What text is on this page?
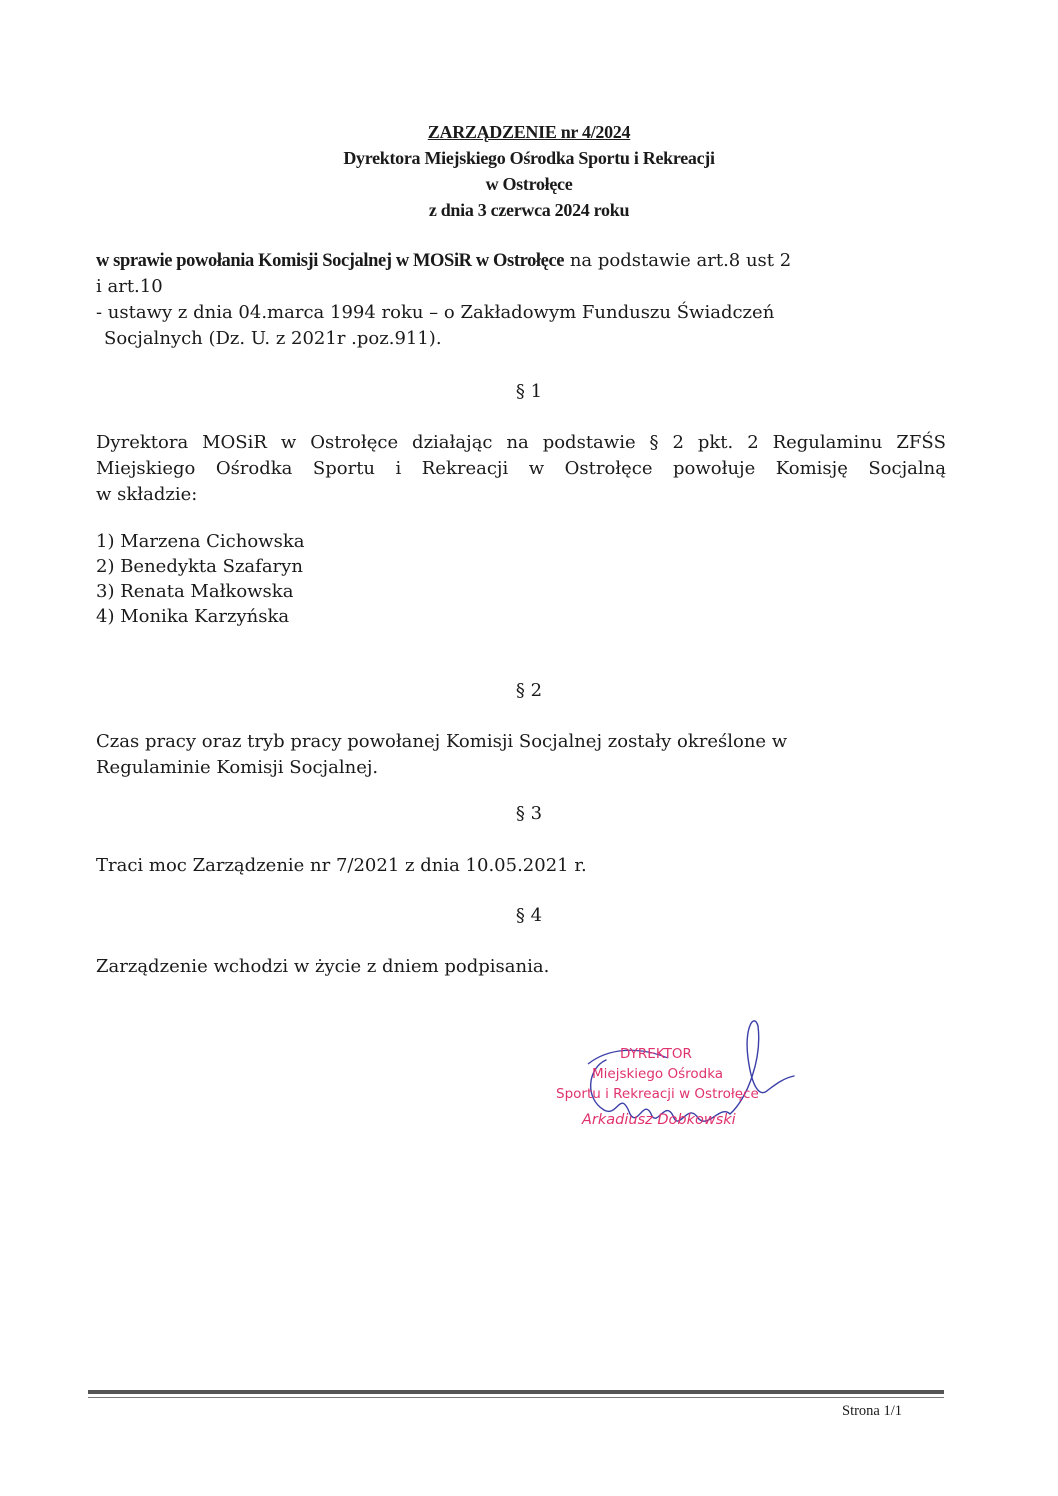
ZARZĄDZENIE nr 4/2024
Dyrektora Miejskiego Ośrodka Sportu i Rekreacji
w Ostrołęce
z dnia 3 czerwca 2024 roku
w sprawie powołania Komisji Socjalnej w MOSiR w Ostrołęce na podstawie art.8 ust 2
i art.10
- ustawy z dnia 04.marca 1994 roku – o Zakładowym Funduszu Świadczeń
Socjalnych (Dz. U. z 2021r .poz.911).
§ 1
Dyrektora MOSiR w Ostrołęce działając na podstawie § 2 pkt. 2 Regulaminu ZFŚS
Miejskiego Ośrodka Sportu i Rekreacji w Ostrołęce powołuje Komisję Socjalną
w składzie:
1) Marzena Cichowska
2) Benedykta Szafaryn
3) Renata Małkowska
4) Monika Karzyńska
§ 2
Czas pracy oraz tryb pracy powołanej Komisji Socjalnej zostały określone w
Regulaminie Komisji Socjalnej.
§ 3
Traci moc Zarządzenie nr 7/2021 z dnia 10.05.2021 r.
§ 4
Zarządzenie wchodzi w życie z dniem podpisania.
DYREKTOR
Miejskiego Ośrodka
Sportu i Rekreacji w Ostrołęce
Arkadiusz Dobkowski
Strona 1/1
